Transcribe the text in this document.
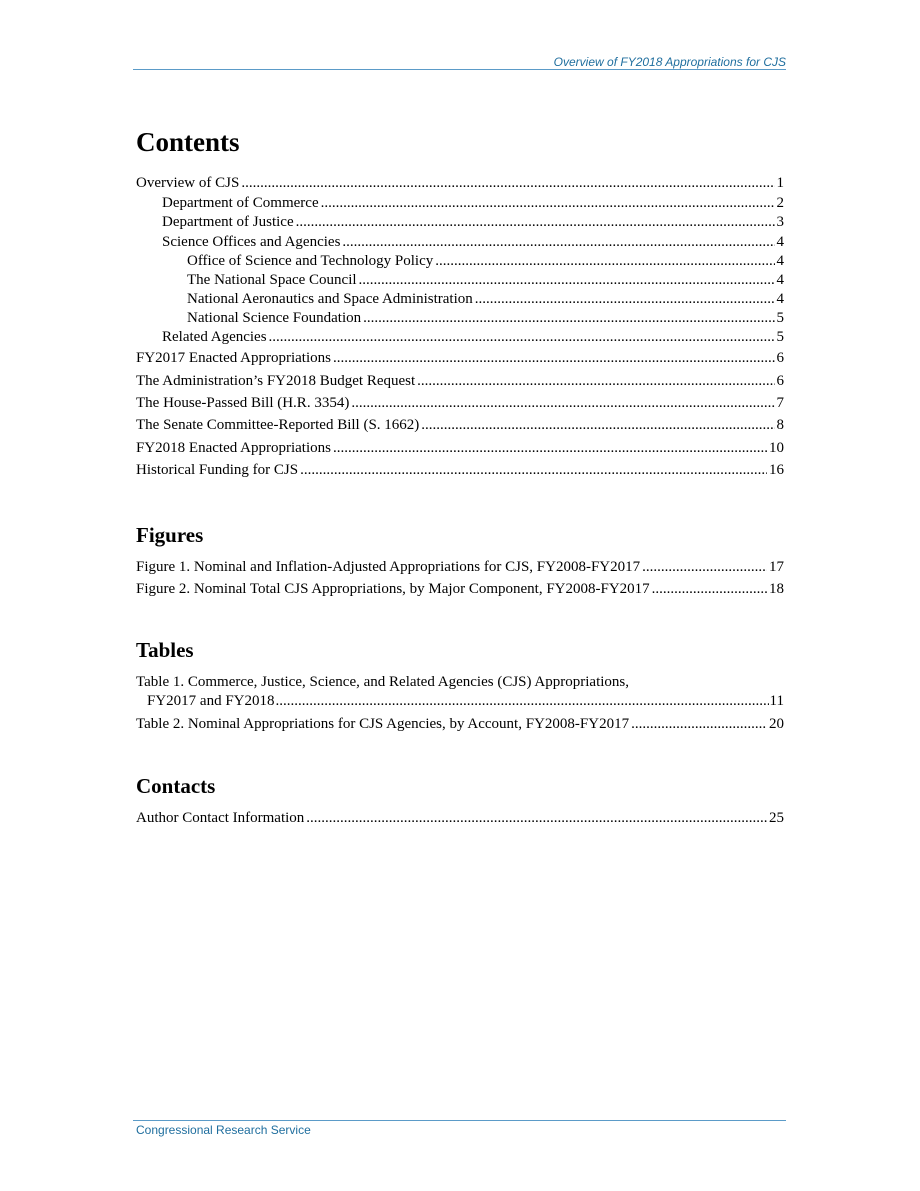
Overview of FY2018 Appropriations for CJS
Contents
Overview of CJS .....	1
Department of Commerce .....	2
Department of Justice .....	3
Science Offices and Agencies .....	4
Office of Science and Technology Policy .....	4
The National Space Council .....	4
National Aeronautics and Space Administration .....	4
National Science Foundation .....	5
Related Agencies .....	5
FY2017 Enacted Appropriations .....	6
The Administration’s FY2018 Budget Request .....	6
The House-Passed Bill (H.R. 3354) .....	7
The Senate Committee-Reported Bill (S. 1662) .....	8
FY2018 Enacted Appropriations .....	10
Historical Funding for CJS .....	16
Figures
Figure 1. Nominal and Inflation-Adjusted Appropriations for CJS, FY2008-FY2017 .....	17
Figure 2. Nominal Total CJS Appropriations, by Major Component, FY2008-FY2017 .....	18
Tables
Table 1. Commerce, Justice, Science, and Related Agencies (CJS) Appropriations,
FY2017 and FY2018 .....	11
Table 2. Nominal Appropriations for CJS Agencies, by Account, FY2008-FY2017 .....	20
Contacts
Author Contact Information .....	25
Congressional Research Service
